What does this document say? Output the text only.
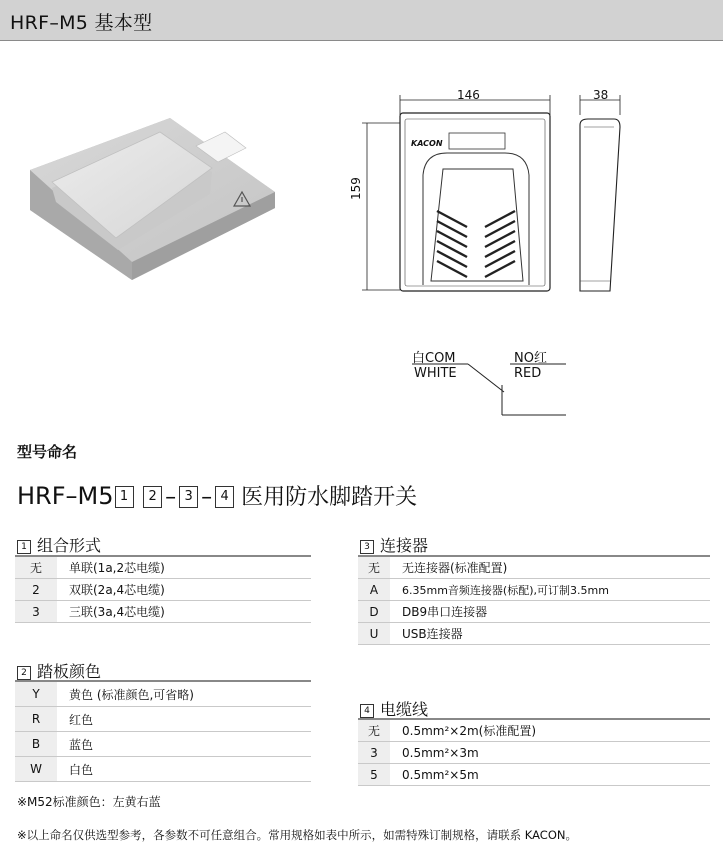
HRF–M5 基本型
146
159
KACON
38
白COM
WHITE
NO红
RED
型号命名
HRF–M5 1 2 – 3 – 4 医用防水脚踏开关
1 组合形式
无	单联(1a,2芯电缆)
2	双联(2a,4芯电缆)
3	三联(3a,4芯电缆)
2 踏板颜色
Y	黄色 (标准颜色,可省略)
R	红色
B	蓝色
W	白色
3 连接器
无	无连接器(标准配置)
A	6.35mm音频连接器(标配),可订制3.5mm
D	DB9串口连接器
U	USB连接器
4 电缆线
无	0.5mm²×2m(标准配置)
3	0.5mm²×3m
5	0.5mm²×5m
※M52标准颜色：左黄右蓝
※以上命名仅供选型参考，各参数不可任意组合。常用规格如表中所示，如需特殊订制规格，请联系 KACON。
